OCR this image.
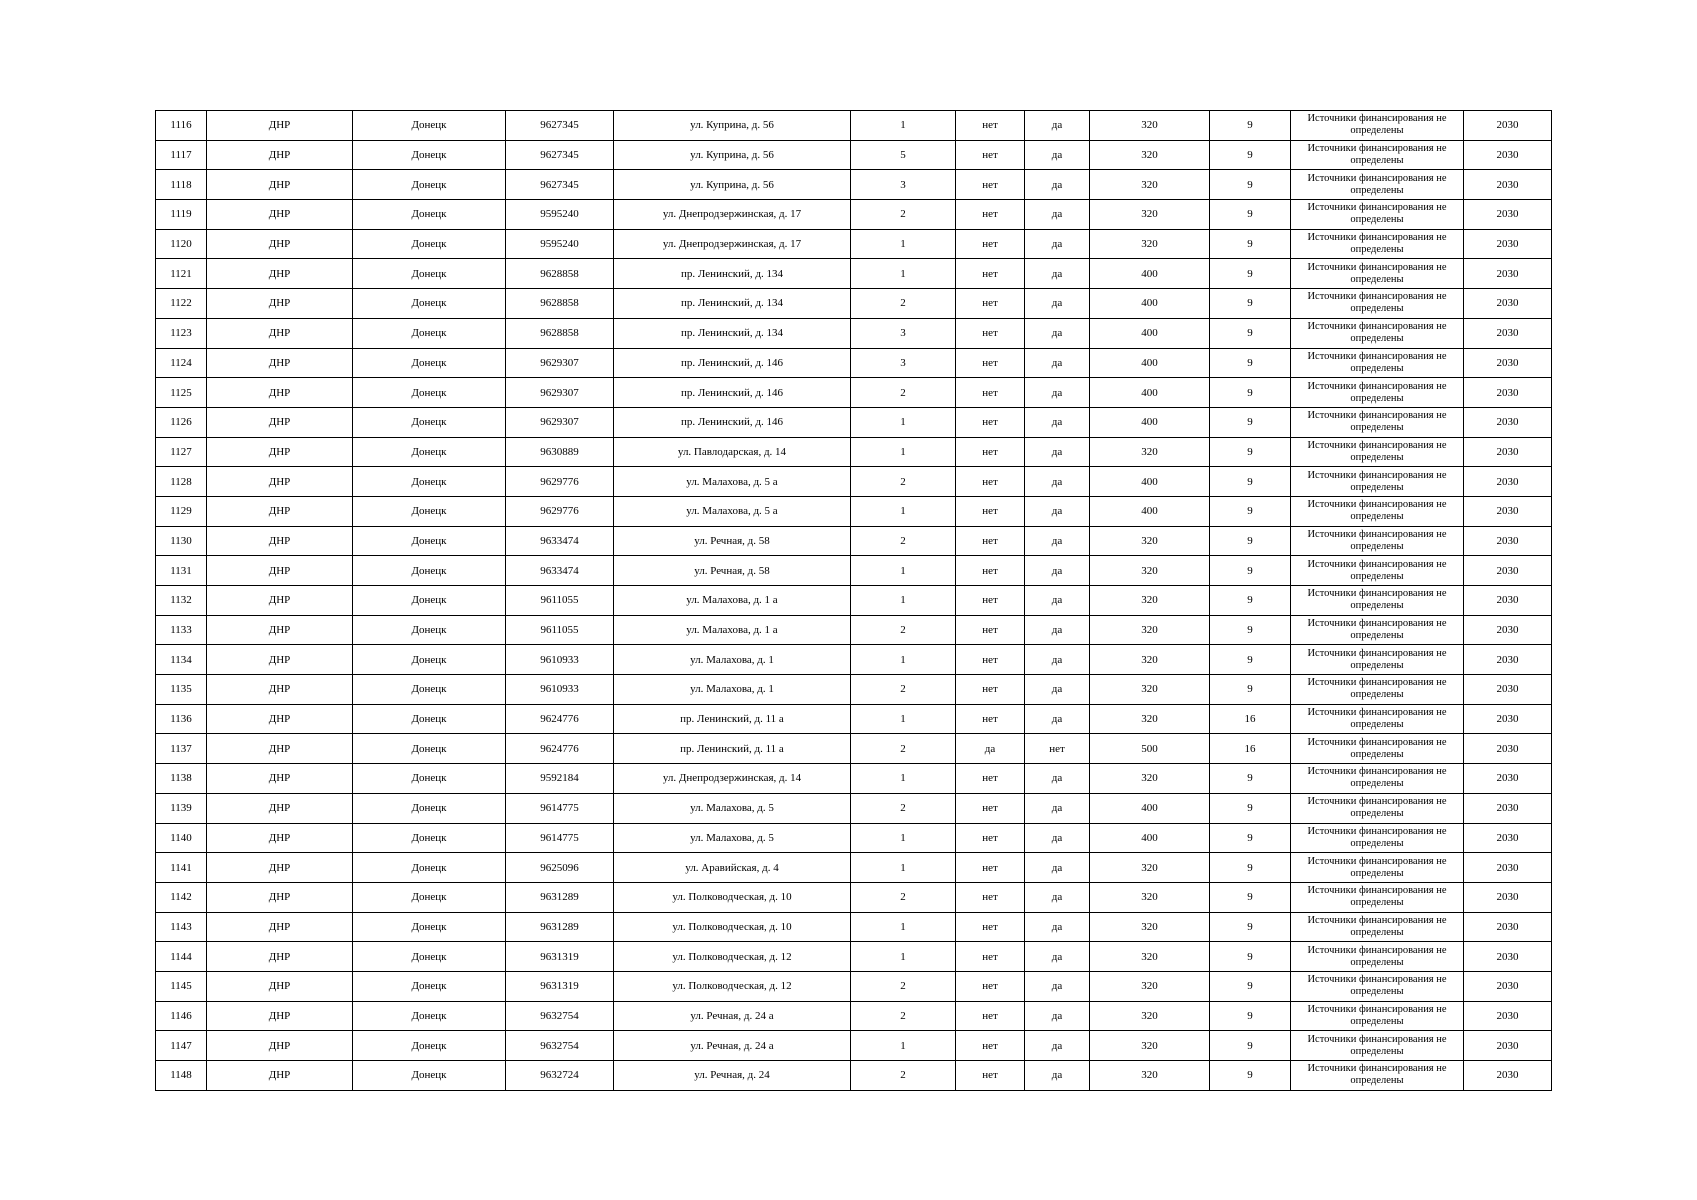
1116	ДНР	Донецк	9627345	ул. Куприна, д. 56	1	нет	да	320	9	Источники финансирования не определены	2030
1117	ДНР	Донецк	9627345	ул. Куприна, д. 56	5	нет	да	320	9	Источники финансирования не определены	2030
1118	ДНР	Донецк	9627345	ул. Куприна, д. 56	3	нет	да	320	9	Источники финансирования не определены	2030
1119	ДНР	Донецк	9595240	ул. Днепродзержинская, д. 17	2	нет	да	320	9	Источники финансирования не определены	2030
1120	ДНР	Донецк	9595240	ул. Днепродзержинская, д. 17	1	нет	да	320	9	Источники финансирования не определены	2030
1121	ДНР	Донецк	9628858	пр. Ленинский, д. 134	1	нет	да	400	9	Источники финансирования не определены	2030
1122	ДНР	Донецк	9628858	пр. Ленинский, д. 134	2	нет	да	400	9	Источники финансирования не определены	2030
1123	ДНР	Донецк	9628858	пр. Ленинский, д. 134	3	нет	да	400	9	Источники финансирования не определены	2030
1124	ДНР	Донецк	9629307	пр. Ленинский, д. 146	3	нет	да	400	9	Источники финансирования не определены	2030
1125	ДНР	Донецк	9629307	пр. Ленинский, д. 146	2	нет	да	400	9	Источники финансирования не определены	2030
1126	ДНР	Донецк	9629307	пр. Ленинский, д. 146	1	нет	да	400	9	Источники финансирования не определены	2030
1127	ДНР	Донецк	9630889	ул. Павлодарская, д. 14	1	нет	да	320	9	Источники финансирования не определены	2030
1128	ДНР	Донецк	9629776	ул. Малахова, д. 5 а	2	нет	да	400	9	Источники финансирования не определены	2030
1129	ДНР	Донецк	9629776	ул. Малахова, д. 5 а	1	нет	да	400	9	Источники финансирования не определены	2030
1130	ДНР	Донецк	9633474	ул. Речная, д. 58	2	нет	да	320	9	Источники финансирования не определены	2030
1131	ДНР	Донецк	9633474	ул. Речная, д. 58	1	нет	да	320	9	Источники финансирования не определены	2030
1132	ДНР	Донецк	9611055	ул. Малахова, д. 1 а	1	нет	да	320	9	Источники финансирования не определены	2030
1133	ДНР	Донецк	9611055	ул. Малахова, д. 1 а	2	нет	да	320	9	Источники финансирования не определены	2030
1134	ДНР	Донецк	9610933	ул. Малахова, д. 1	1	нет	да	320	9	Источники финансирования не определены	2030
1135	ДНР	Донецк	9610933	ул. Малахова, д. 1	2	нет	да	320	9	Источники финансирования не определены	2030
1136	ДНР	Донецк	9624776	пр. Ленинский, д. 11 а	1	нет	да	320	16	Источники финансирования не определены	2030
1137	ДНР	Донецк	9624776	пр. Ленинский, д. 11 а	2	да	нет	500	16	Источники финансирования не определены	2030
1138	ДНР	Донецк	9592184	ул. Днепродзержинская, д. 14	1	нет	да	320	9	Источники финансирования не определены	2030
1139	ДНР	Донецк	9614775	ул. Малахова, д. 5	2	нет	да	400	9	Источники финансирования не определены	2030
1140	ДНР	Донецк	9614775	ул. Малахова, д. 5	1	нет	да	400	9	Источники финансирования не определены	2030
1141	ДНР	Донецк	9625096	ул. Аравийская, д. 4	1	нет	да	320	9	Источники финансирования не определены	2030
1142	ДНР	Донецк	9631289	ул. Полководческая, д. 10	2	нет	да	320	9	Источники финансирования не определены	2030
1143	ДНР	Донецк	9631289	ул. Полководческая, д. 10	1	нет	да	320	9	Источники финансирования не определены	2030
1144	ДНР	Донецк	9631319	ул. Полководческая, д. 12	1	нет	да	320	9	Источники финансирования не определены	2030
1145	ДНР	Донецк	9631319	ул. Полководческая, д. 12	2	нет	да	320	9	Источники финансирования не определены	2030
1146	ДНР	Донецк	9632754	ул. Речная, д. 24 а	2	нет	да	320	9	Источники финансирования не определены	2030
1147	ДНР	Донецк	9632754	ул. Речная, д. 24 а	1	нет	да	320	9	Источники финансирования не определены	2030
1148	ДНР	Донецк	9632724	ул. Речная, д. 24	2	нет	да	320	9	Источники финансирования не определены	2030
